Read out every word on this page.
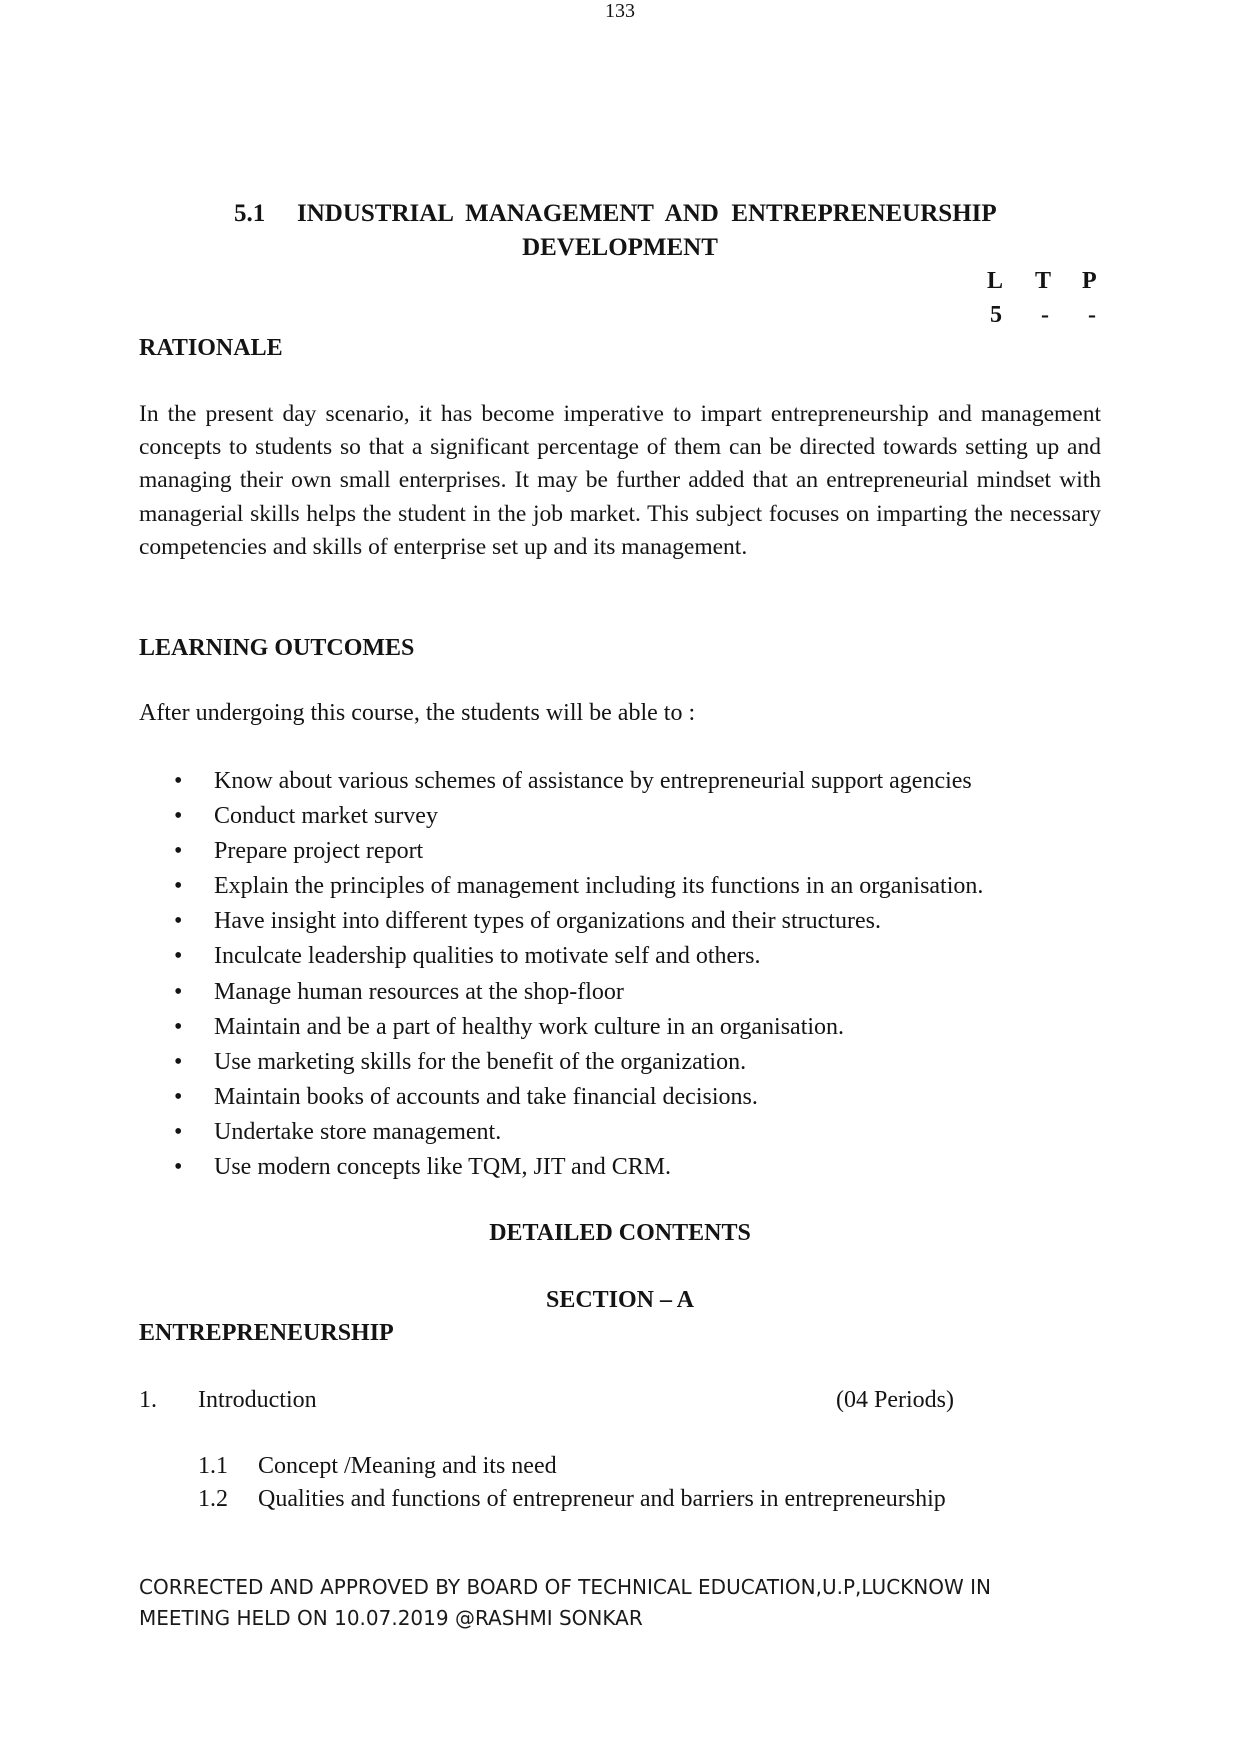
133
5.1 INDUSTRIAL  MANAGEMENT  AND  ENTREPRENEURSHIP
DEVELOPMENT
L T P
5 - -
RATIONALE
In the present day scenario, it has become imperative to impart entrepreneurship and management concepts to students so that a significant percentage of them can be directed towards setting up and managing their own small enterprises. It may be further added that an entrepreneurial mindset with managerial skills helps the student in the job market. This subject focuses on imparting the necessary competencies and skills of enterprise set up and its management.
LEARNING OUTCOMES
After undergoing this course, the students will be able to :
• Know about various schemes of assistance by entrepreneurial support agencies
• Conduct market survey
• Prepare project report
• Explain the principles of management including its functions in an organisation.
• Have insight into different types of organizations and their structures.
• Inculcate leadership qualities to motivate self and others.
• Manage human resources at the shop-floor
• Maintain and be a part of healthy work culture in an organisation.
• Use marketing skills for the benefit of the organization.
• Maintain books of accounts and take financial decisions.
• Undertake store management.
• Use modern concepts like TQM, JIT and CRM.
DETAILED CONTENTS
SECTION – A
ENTREPRENEURSHIP
1. Introduction	(04 Periods)
1.1 Concept /Meaning and its need
1.2 Qualities and functions of entrepreneur and barriers in entrepreneurship
CORRECTED AND APPROVED BY BOARD OF TECHNICAL EDUCATION,U.P,LUCKNOW IN
MEETING HELD ON 10.07.2019 @RASHMI SONKAR
